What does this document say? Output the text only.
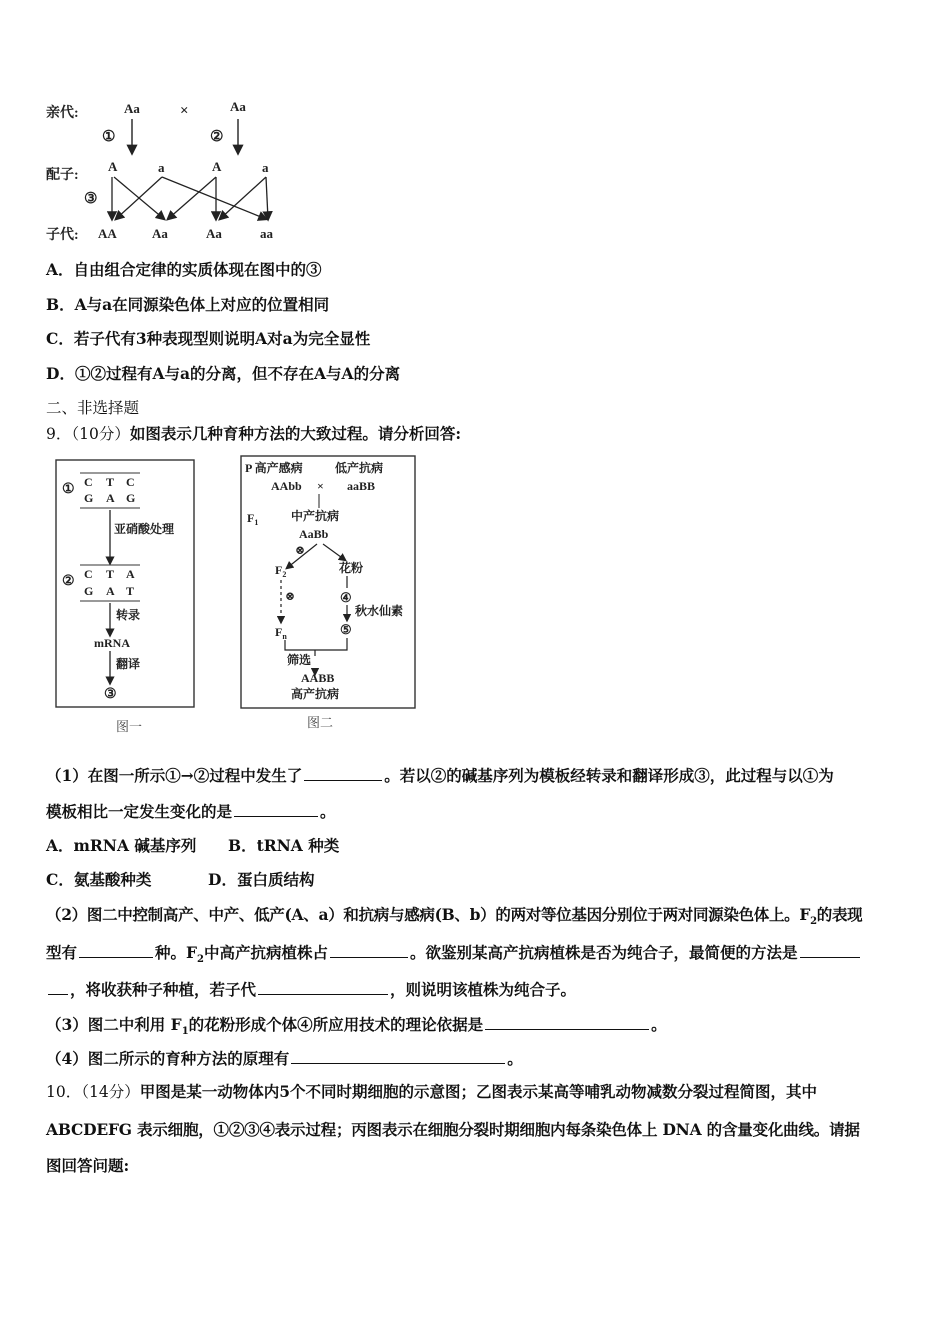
亲代:	Aa	×	Aa
①	②
配子:
A	a	A	a
③
子代: AA	Aa	Aa	aa
A．自由组合定律的实质体现在图中的③
B．A与a在同源染色体上对应的位置相同
C．若子代有3种表现型则说明A对a为完全显性
D．①②过程有A与a的分离，但不存在A与A的分离
二、非选择题
9．（10分）如图表示几种育种方法的大致过程。请分析回答:
① C T C
G A G
亚硝酸处理
② C T A
G A T
转录
mRNA
翻译
③
图一
P 高产感病	低产抗病
AAbb × aaBB
$F_1$	中产抗病
AaBb
⊗
$F_2$	花粉
⊗	④
秋水仙素
⑤
$F_n$
筛选
AABB
高产抗病
图二
（1）在图一所示①→②过程中发生了	。若以②的碱基序列为模板经转录和翻译形成③，此过程与以①为
模板相比一定发生变化的是	。
A．mRNA 碱基序列 B．tRNA 种类
C．氨基酸种类	D．蛋白质结构
（2）图二中控制高产、中产、低产(A、a）和抗病与感病(B、b）的两对等位基因分别位于两对同源染色体上。$F_2$的表现
型有	种。$F_2$中高产抗病植株占	。欲鉴别某高产抗病植株是否为纯合子，最简便的方法是
，将收获种子种植，若子代	，则说明该植株为纯合子。
（3）图二中利用 $F_1$的花粉形成个体④所应用技术的理论依据是	。
（4）图二所示的育种方法的原理有	。
10．（14分）甲图是某一动物体内5个不同时期细胞的示意图；乙图表示某高等哺乳动物减数分裂过程简图，其中
ABCDEFG 表示细胞，①②③④表示过程；丙图表示在细胞分裂时期细胞内每条染色体上 DNA 的含量变化曲线。请据
图回答问题:
